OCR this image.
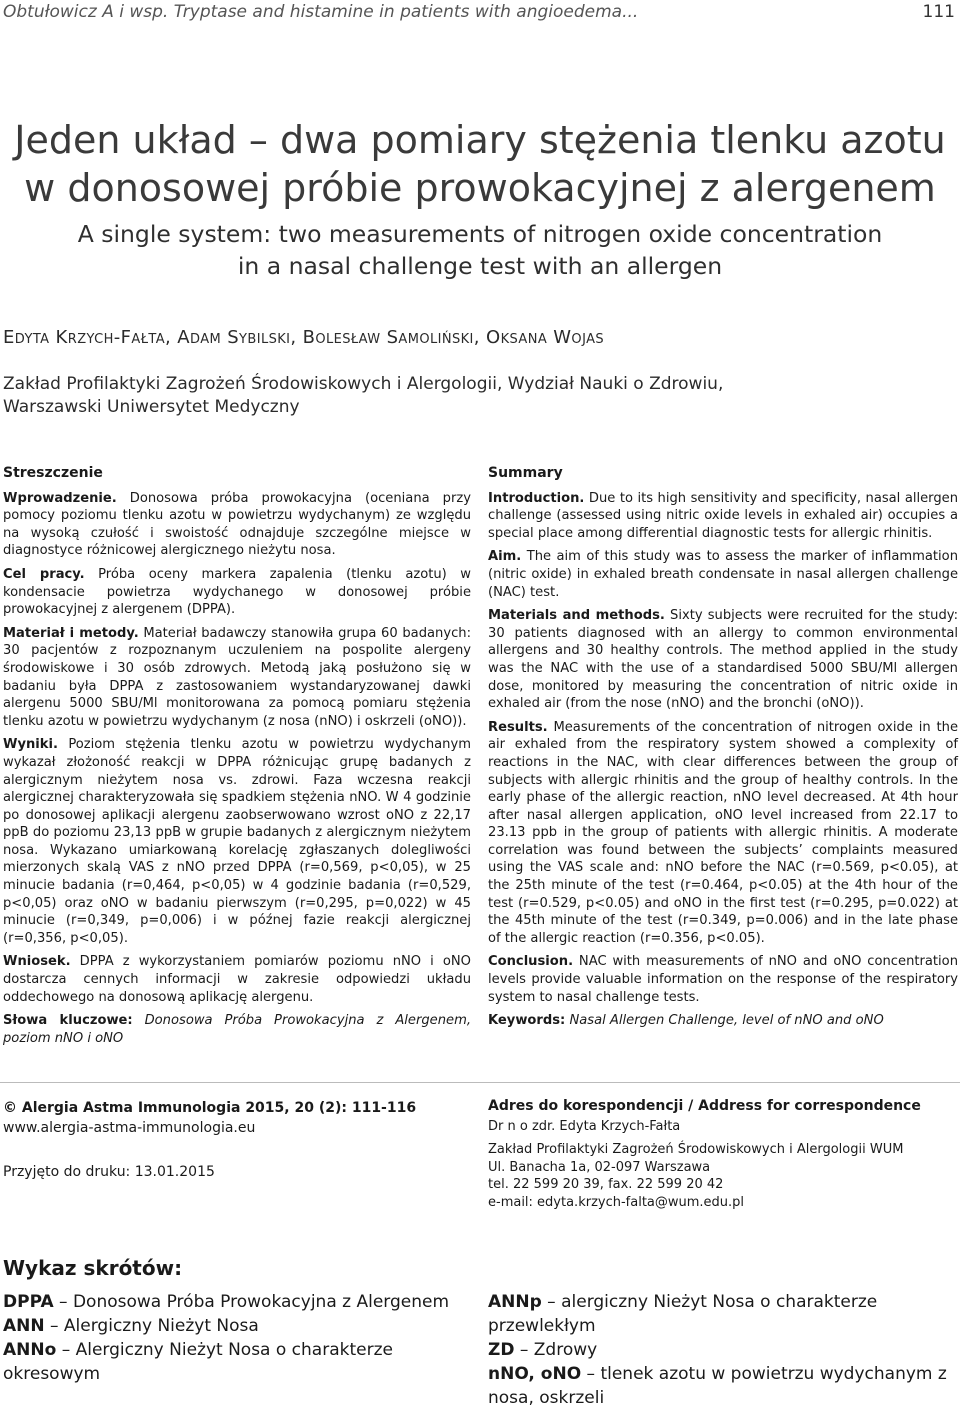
Obtułowicz A i wsp. Tryptase and histamine in patients with angioedema...	111
Jeden układ – dwa pomiary stężenia tlenku azotu
w donosowej próbie prowokacyjnej z alergenem
A single system: two measurements of nitrogen oxide concentration
in a nasal challenge test with an allergen
Edyta Krzych-Fałta, Adam Sybilski, Bolesław Samoliński, Oksana Wojas
Zakład Profilaktyki Zagrożeń Środowiskowych i Alergologii, Wydział Nauki o Zdrowiu,
Warszawski Uniwersytet Medyczny
Streszczenie

Wprowadzenie. Donosowa próba prowokacyjna (oceniana przy pomocy poziomu tlenku azotu w powietrzu wydychanym) ze względu na wysoką czułość i swoistość odnajduje szczególne miejsce w diagnostyce różnicowej alergicznego nieżytu nosa.

Cel pracy. Próba oceny markera zapalenia (tlenku azotu) w kondensacie powietrza wydychanego w donosowej próbie prowokacyjnej z alergenem (DPPA).

Materiał i metody. Materiał badawczy stanowiła grupa 60 badanych: 30 pacjentów z rozpoznanym uczuleniem na pospolite alergeny środowiskowe i 30 osób zdrowych. Metodą jaką posłużono się w badaniu była DPPA z zastosowaniem wystandaryzowanej dawki alergenu 5000 SBU/Ml monitorowana za pomocą pomiaru stężenia tlenku azotu w powietrzu wydychanym (z nosa (nNO) i oskrzeli (oNO)).

Wyniki. Poziom stężenia tlenku azotu w powietrzu wydychanym wykazał złożoność reakcji w DPPA różnicując grupę badanych z alergicznym nieżytem nosa vs. zdrowi. Faza wczesna reakcji alergicznej charakteryzowała się spadkiem stężenia nNO. W 4 godzinie po donosowej aplikacji alergenu zaobserwowano wzrost oNO z 22,17 ppB do poziomu 23,13 ppB w grupie badanych z alergicznym nieżytem nosa. Wykazano umiarkowaną korelację zgłaszanych dolegliwości mierzonych skalą VAS z nNO przed DPPA (r=0,569, p<0,05), w 25 minucie badania (r=0,464, p<0,05) w 4 godzinie badania (r=0,529, p<0,05) oraz oNO w badaniu pierwszym (r=0,295, p=0,022) w 45 minucie (r=0,349, p=0,006) i w późnej fazie reakcji alergicznej (r=0,356, p<0,05).

Wniosek. DPPA z wykorzystaniem pomiarów poziomu nNO i oNO dostarcza cennych informacji w zakresie odpowiedzi układu oddechowego na donosową aplikację alergenu.

Słowa kluczowe: Donosowa Próba Prowokacyjna z Alergenem, poziom nNO i oNO

Summary

Introduction. Due to its high sensitivity and specificity, nasal allergen challenge (assessed using nitric oxide levels in exhaled air) occupies a special place among differential diagnostic tests for allergic rhinitis.

Aim. The aim of this study was to assess the marker of inflammation (nitric oxide) in exhaled breath condensate in nasal allergen challenge (NAC) test.

Materials and methods. Sixty subjects were recruited for the study: 30 patients diagnosed with an allergy to common environmental allergens and 30 healthy controls. The method applied in the study was the NAC with the use of a standardised 5000 SBU/Ml allergen dose, monitored by measuring the concentration of nitric oxide in exhaled air (from the nose (nNO) and the bronchi (oNO)).

Results. Measurements of the concentration of nitrogen oxide in the air exhaled from the respiratory system showed a complexity of reactions in the NAC, with clear differences between the group of subjects with allergic rhinitis and the group of healthy controls. In the early phase of the allergic reaction, nNO level decreased. At 4th hour after nasal allergen application, oNO level increased from 22.17 to 23.13 ppb in the group of patients with allergic rhinitis. A moderate correlation was found between the subjects’ complaints measured using the VAS scale and: nNO before the NAC (r=0.569, p<0.05), at the 25th minute of the test (r=0.464, p<0.05) at the 4th hour of the test (r=0.529, p<0.05) and oNO in the first test (r=0.295, p=0.022) at the 45th minute of the test (r=0.349, p=0.006) and in the late phase of the allergic reaction (r=0.356, p<0.05).

Conclusion. NAC with measurements of nNO and oNO concentration levels provide valuable information on the response of the respiratory system to nasal challenge tests.

Keywords: Nasal Allergen Challenge, level of nNO and oNO

© Alergia Astma Immunologia 2015, 20 (2): 111-116
www.alergia-astma-immunologia.eu
Przyjęto do druku: 13.01.2015
Adres do korespondencji / Address for correspondence
Dr n o zdr. Edyta Krzych-Fałta
Zakład Profilaktyki Zagrożeń Środowiskowych i Alergologii WUM
Ul. Banacha 1a, 02-097 Warszawa
tel. 22 599 20 39, fax. 22 599 20 42
e-mail: edyta.krzych-falta@wum.edu.pl
Wykaz skrótów:
DPPA – Donosowa Próba Prowokacyjna z Alergenem
ANN – Alergiczny Nieżyt Nosa
ANNo – Alergiczny Nieżyt Nosa o charakterze okresowym
ANNp – alergiczny Nieżyt Nosa o charakterze przewlekłym
ZD – Zdrowy
nNO, oNO – tlenek azotu w powietrzu wydychanym z nosa, oskrzeli
